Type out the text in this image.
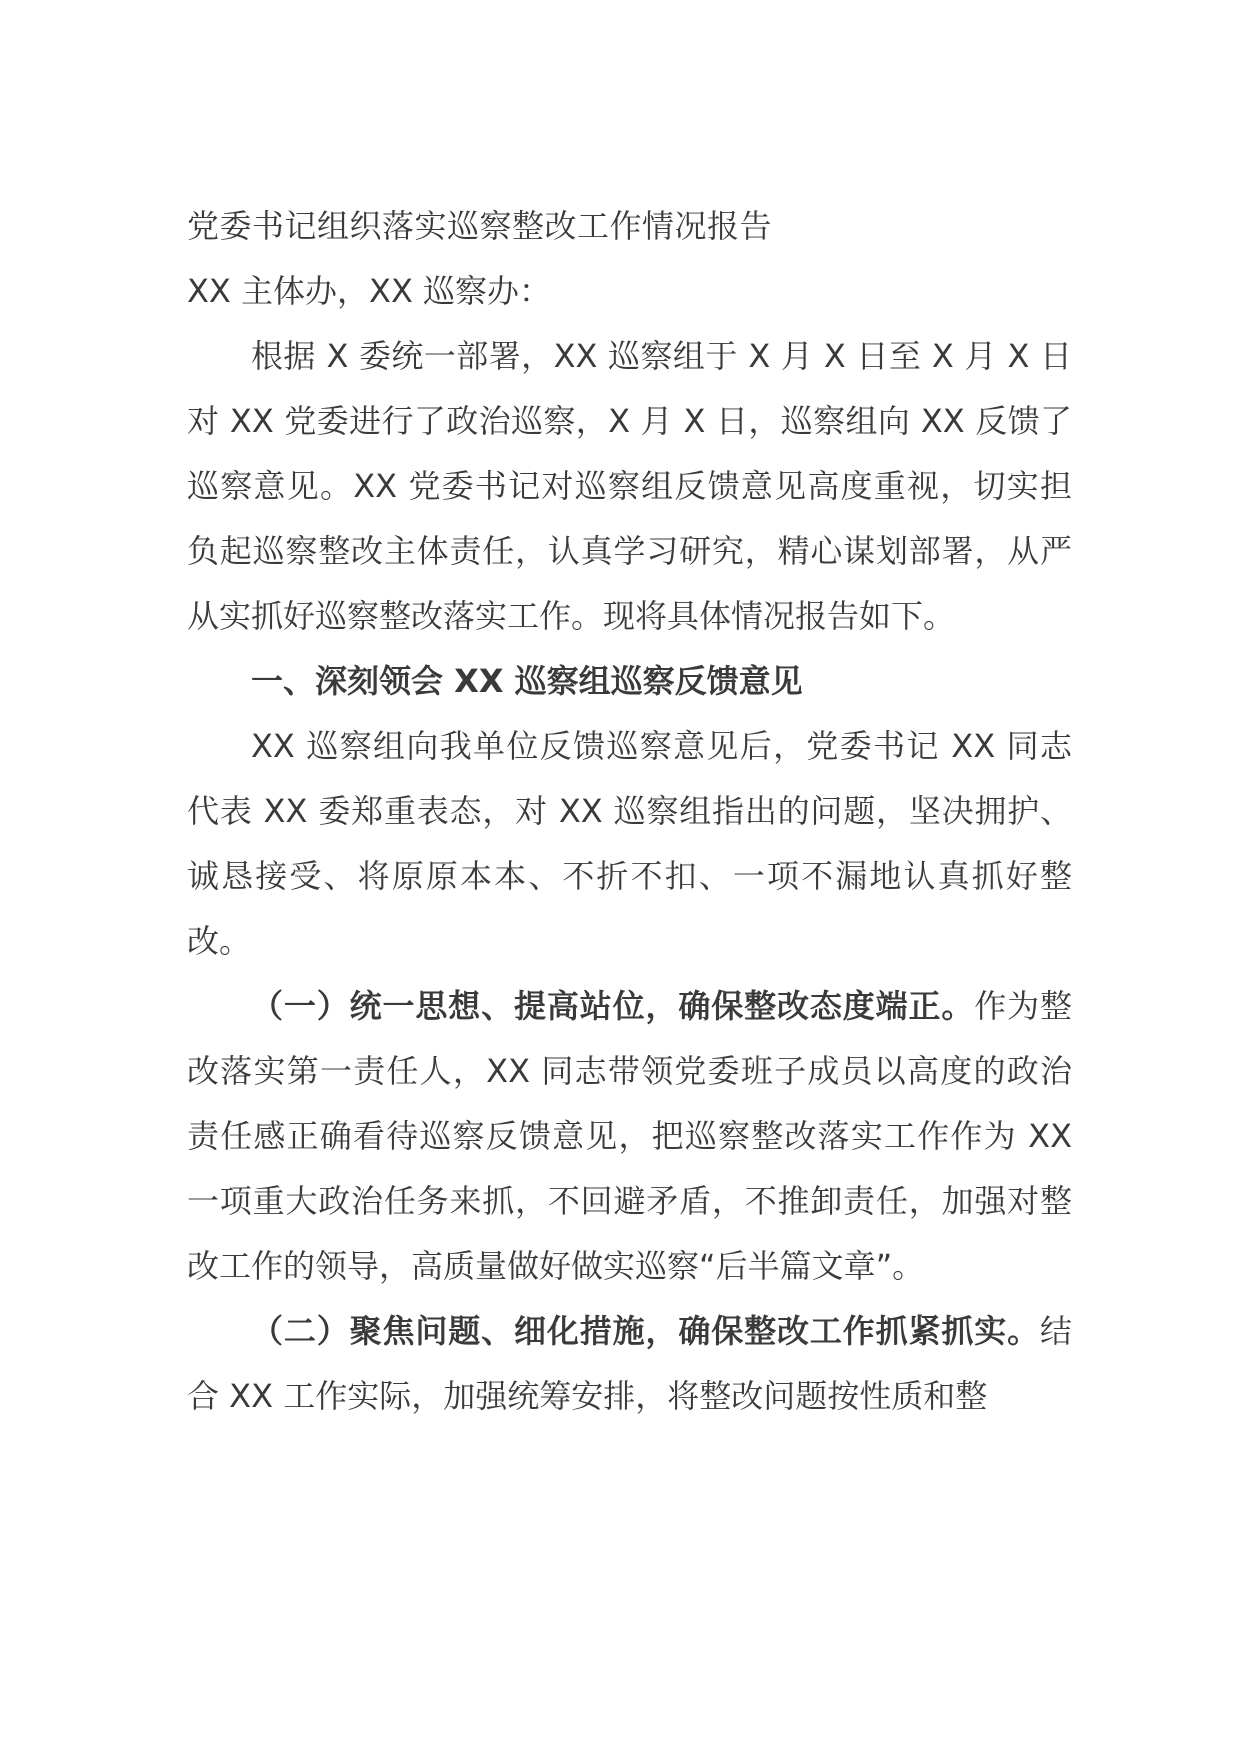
党委书记组织落实巡察整改工作情况报告

XX 主体办，XX 巡察办：

根据 X 委统一部署，XX 巡察组于 X 月 X 日至 X 月 X 日对 XX 党委进行了政治巡察，X 月 X 日，巡察组向 XX 反馈了巡察意见。XX 党委书记对巡察组反馈意见高度重视，切实担负起巡察整改主体责任，认真学习研究，精心谋划部署，从严从实抓好巡察整改落实工作。现将具体情况报告如下。

一、深刻领会 XX 巡察组巡察反馈意见

XX 巡察组向我单位反馈巡察意见后，党委书记 XX 同志代表 XX 委郑重表态，对 XX 巡察组指出的问题，坚决拥护、诚恳接受、将原原本本、不折不扣、一项不漏地认真抓好整改。

（一）统一思想、提高站位，确保整改态度端正。作为整改落实第一责任人，XX 同志带领党委班子成员以高度的政治责任感正确看待巡察反馈意见，把巡察整改落实工作作为 XX 一项重大政治任务来抓，不回避矛盾，不推卸责任，加强对整改工作的领导，高质量做好做实巡察“后半篇文章”。

（二）聚焦问题、细化措施，确保整改工作抓紧抓实。结合 XX 工作实际，加强统筹安排，将整改问题按性质和整
